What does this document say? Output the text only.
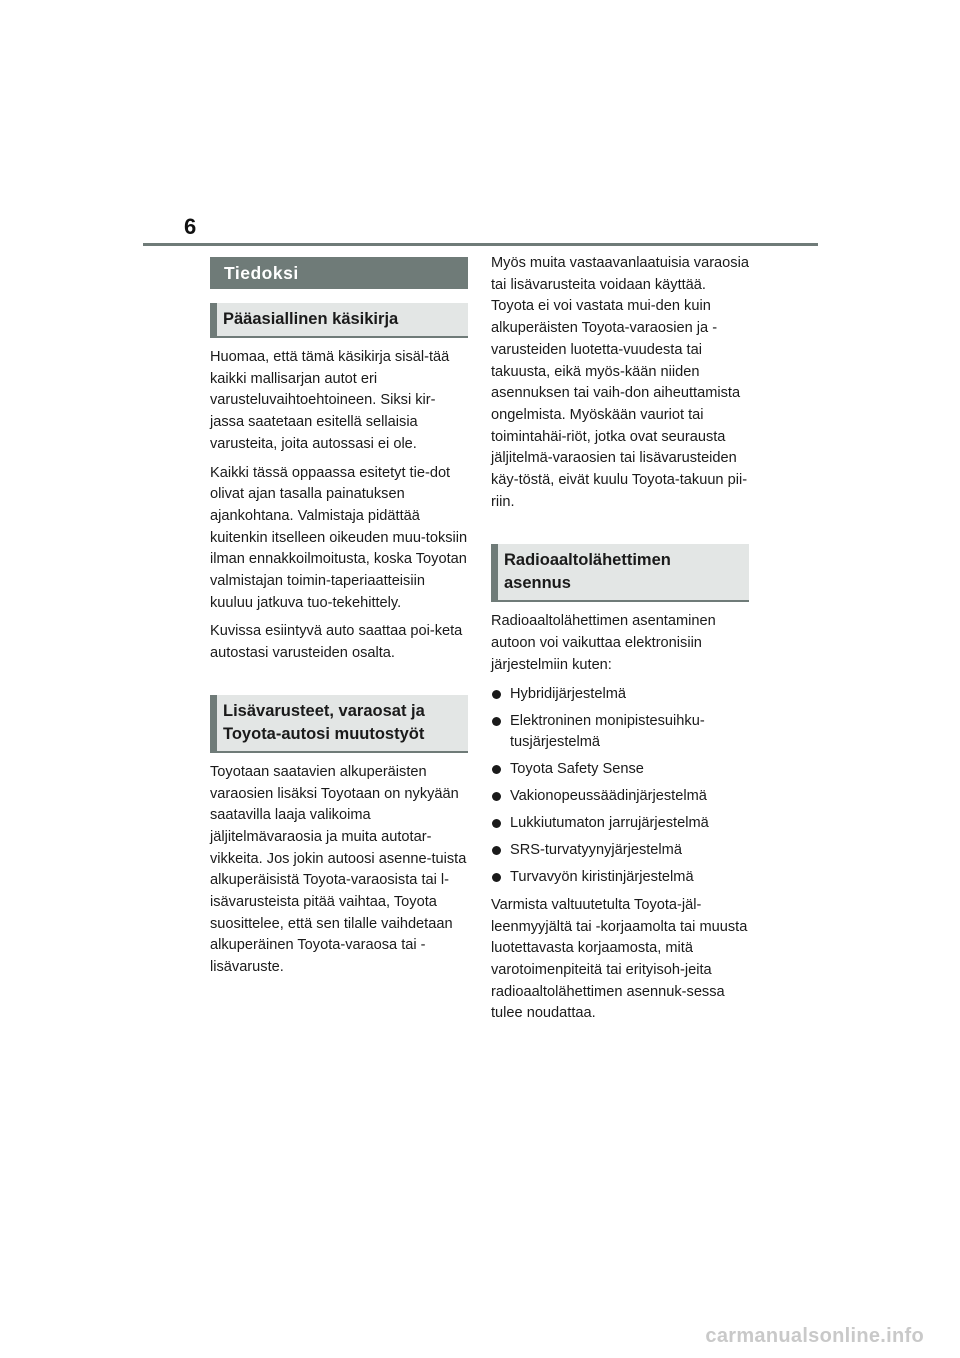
6
Tiedoksi
Pääasiallinen käsikirja

Huomaa, että tämä käsikirja sisäl-tää kaikki mallisarjan autot eri varusteluvaihtoehtoineen. Siksi kir-jassa saatetaan esitellä sellaisia varusteita, joita autossasi ei ole.

Kaikki tässä oppaassa esitetyt tie-dot olivat ajan tasalla painatuksen ajankohtana. Valmistaja pidättää kuitenkin itselleen oikeuden muu-toksiin ilman ennakkoilmoitusta, koska Toyotan valmistajan toimin-taperiaatteisiin kuuluu jatkuva tuo-tekehittely.

Kuvissa esiintyvä auto saattaa poi-keta autostasi varusteiden osalta.

Lisävarusteet, varaosat ja
Toyota-autosi muutostyöt

Toyotaan saatavien alkuperäisten varaosien lisäksi Toyotaan on nykyään saatavilla laaja valikoima jäljitelmävaraosia ja muita autotar-vikkeita. Jos jokin autoosi asenne-tuista alkuperäisistä Toyota-varaosista tai l-isävarusteista pitää vaihtaa, Toyota suosittelee, että sen tilalle vaihdetaan alkuperäinen Toyota-varaosa tai -lisävaruste.

Myös muita vastaavanlaatuisia varaosia tai lisävarusteita voidaan käyttää. Toyota ei voi vastata mui-den kuin alkuperäisten Toyota-varaosien ja -varusteiden luotetta-vuudesta tai takuusta, eikä myös-kään niiden asennuksen tai vaih-don aiheuttamista ongelmista. Myöskään vauriot tai toimintahäi-riöt, jotka ovat seurausta jäljitelmä-varaosien tai lisävarusteiden käy-töstä, eivät kuulu Toyota-takuun pii-riin.

Radioaaltolähettimen
asennus

Radioaaltolähettimen asentaminen autoon voi vaikuttaa elektronisiin järjestelmiin kuten:

Hybridijärjestelmä
Elektroninen monipistesuihku-tusjärjestelmä
Toyota Safety Sense
Vakionopeussäädinjärjestelmä
Lukkiutumaton jarrujärjestelmä
SRS-turvatyynyjärjestelmä
Turvavyön kiristinjärjestelmä

Varmista valtuutetulta Toyota-jäl-leenmyyjältä tai -korjaamolta tai muusta luotettavasta korjaamosta, mitä varotoimenpiteitä tai erityisoh-jeita radioaaltolähettimen asennuk-sessa tulee noudattaa.

carmanualsonline.info
